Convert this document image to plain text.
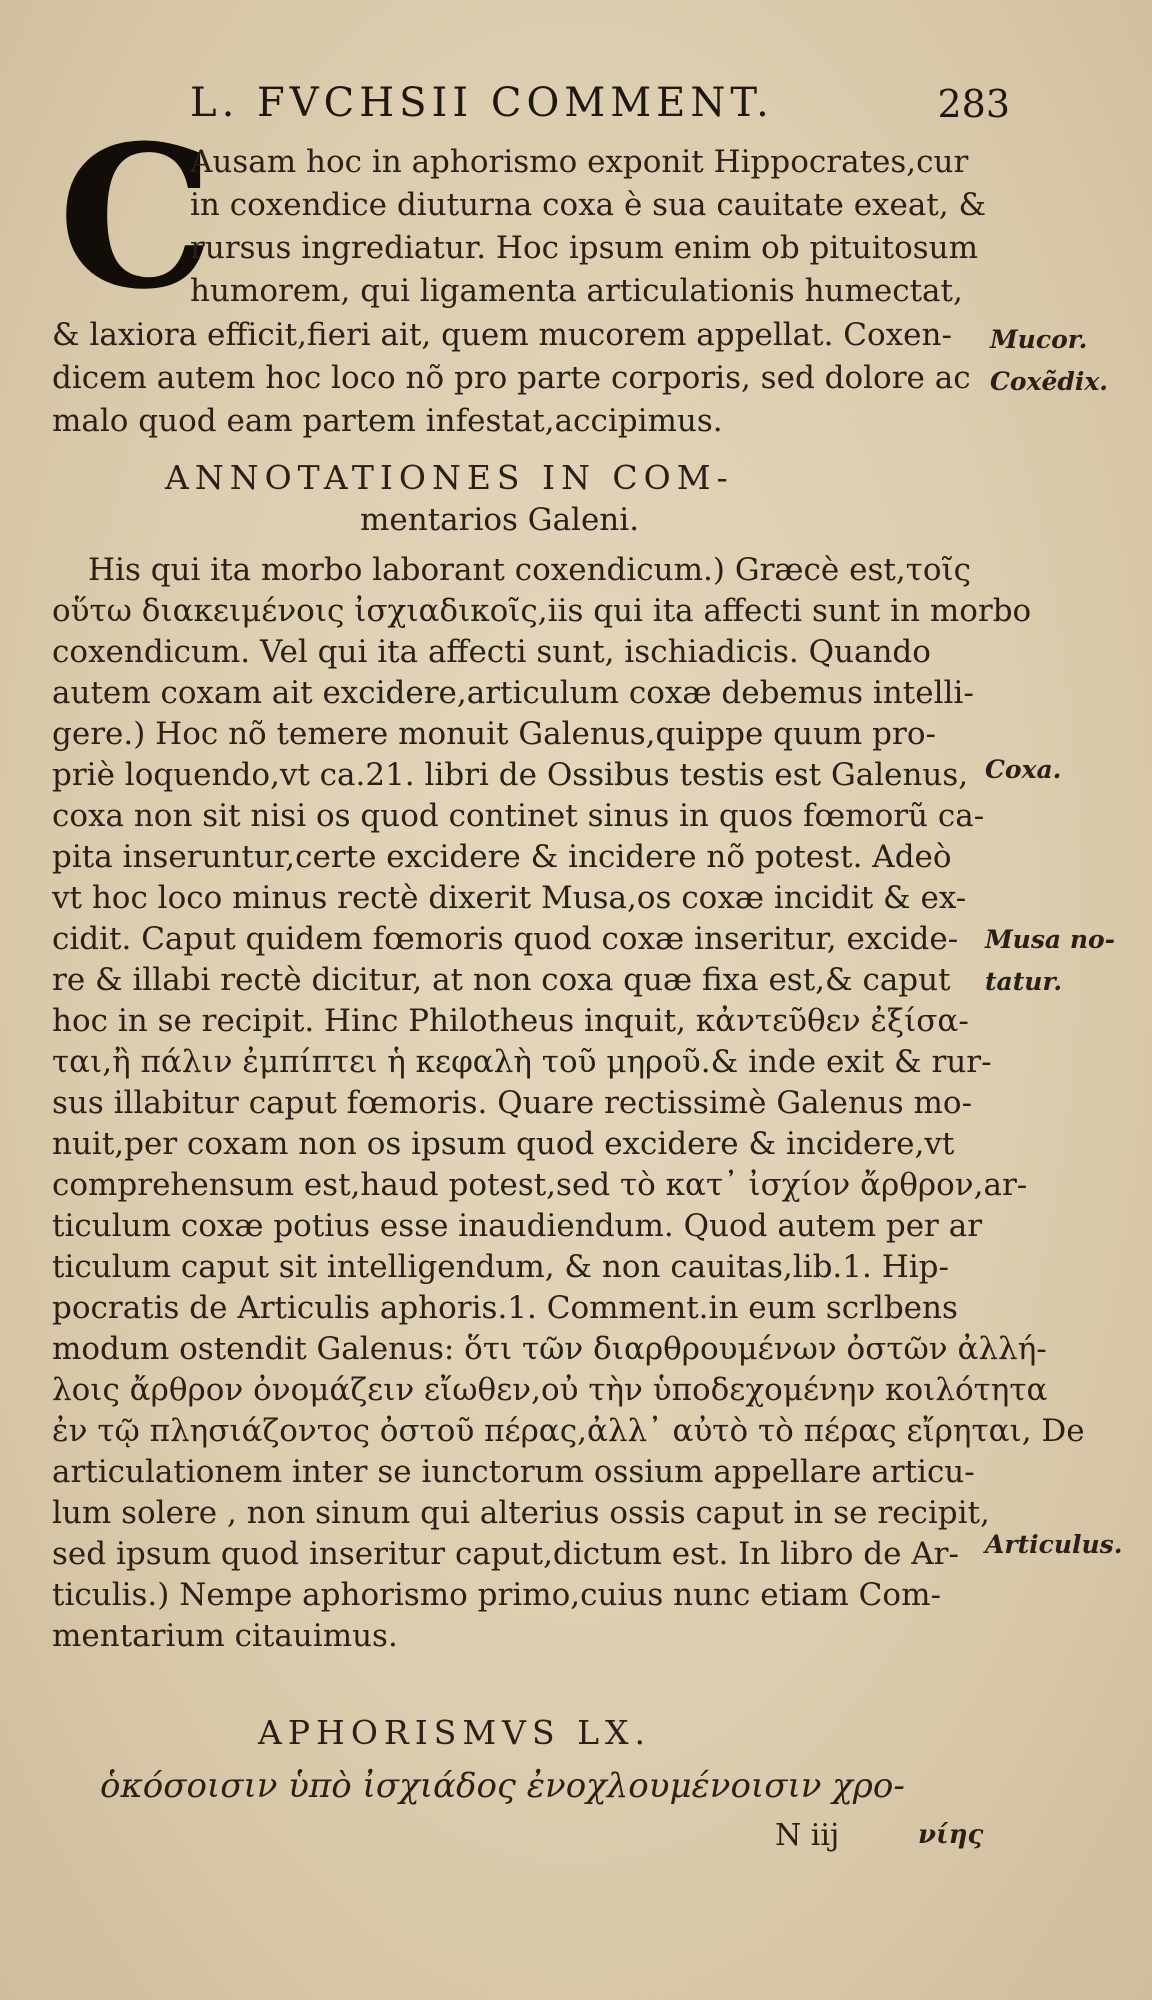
L. FVCHSII COMMENT.	283
C
Ausam hoc in aphorismo exponit Hippocrates,cur
in coxendice diuturna coxa è sua cauitate exeat, &
rursus ingrediatur. Hoc ipsum enim ob pituitosum
humorem, qui ligamenta articulationis humectat,
& laxiora efficit,fieri ait, quem mucorem appellat. Coxen-
dicem autem hoc loco nõ pro parte corporis, sed dolore ac
malo quod eam partem infestat,accipimus.
ANNOTATIONES IN COM-
mentarios Galeni.
His qui ita morbo laborant coxendicum.) Græcè est,τοῖς
οὕτω διακειμένοις ἰσχιαδικοῖς,iis qui ita affecti sunt in morbo
coxendicum. Vel qui ita affecti sunt, ischiadicis. Quando
autem coxam ait excidere,articulum coxæ debemus intelli-
gere.) Hoc nõ temere monuit Galenus,quippe quum pro-
priè loquendo,vt ca.21. libri de Ossibus testis est Galenus,
coxa non sit nisi os quod continet sinus in quos fœmorũ ca-
pita inseruntur,certe excidere & incidere nõ potest. Adeò
vt hoc loco minus rectè dixerit Musa,os coxæ incidit & ex-
cidit. Caput quidem fœmoris quod coxæ inseritur, excide-
re & illabi rectè dicitur, at non coxa quæ fixa est,& caput
hoc in se recipit. Hinc Philotheus inquit, κἀντεῦθεν ἐξίσα-
ται,ἢ πάλιν ἐμπίπτει ἡ κεφαλὴ τοῦ μηροῦ.& inde exit & rur-
sus illabitur caput fœmoris. Quare rectissimè Galenus mo-
nuit,per coxam non os ipsum quod excidere & incidere,vt
comprehensum est,haud potest,sed τὸ κατ᾽ ἰσχίον ἄρθρον,ar-
ticulum coxæ potius esse inaudiendum. Quod autem per ar
ticulum caput sit intelligendum, & non cauitas,lib.1. Hip-
pocratis de Articulis aphoris.1. Comment.in eum scrlbens
modum ostendit Galenus: ὅτι τῶν διαρθρουμένων ὀστῶν ἀλλή-
λοις ἄρθρον ὀνομάζειν εἴωθεν,οὐ τὴν ὑποδεχομένην κοιλότητα
ἐν τῷ πλησιάζοντος ὀστοῦ πέρας,ἀλλ᾽ αὐτὸ τὸ πέρας εἴρηται, De
articulationem inter se iunctorum ossium appellare articu-
lum solere , non sinum qui alterius ossis caput in se recipit,
sed ipsum quod inseritur caput,dictum est. In libro de Ar-
ticulis.) Nempe aphorismo primo,cuius nunc etiam Com-
mentarium citauimus.
APHORISMVS LX.
ὁκόσοισιν ὑπὸ ἰσχιάδος ἐνοχλουμένοισιν χρο-
N iij	νίης
Mucor.
Coxẽdix.
Coxa.
Musa no-
tatur.
Articulus.
